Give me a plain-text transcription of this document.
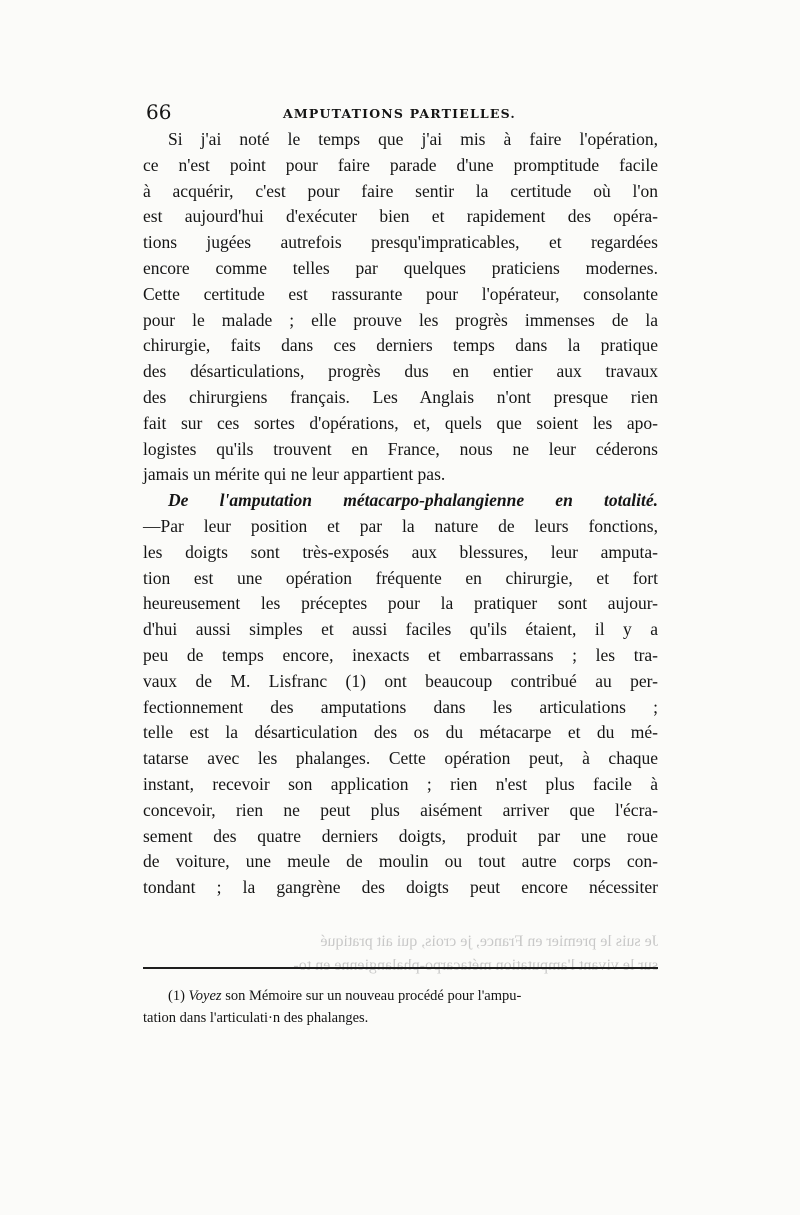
66	AMPUTATIONS PARTIELLES.
Si j'ai noté le temps que j'ai mis à faire l'opération,
ce n'est point pour faire parade d'une promptitude facile
à acquérir, c'est pour faire sentir la certitude où l'on
est aujourd'hui d'exécuter bien et rapidement des opéra-
tions jugées autrefois presqu'impraticables, et regardées
encore comme telles par quelques praticiens modernes.
Cette certitude est rassurante pour l'opérateur, consolante
pour le malade ; elle prouve les progrès immenses de la
chirurgie, faits dans ces derniers temps dans la pratique
des désarticulations, progrès dus en entier aux travaux
des chirurgiens français. Les Anglais n'ont presque rien
fait sur ces sortes d'opérations, et, quels que soient les apo-
logistes qu'ils trouvent en France, nous ne leur céderons
jamais un mérite qui ne leur appartient pas.
De l'amputation métacarpo-phalangienne en totalité.
—Par leur position et par la nature de leurs fonctions,
les doigts sont très-exposés aux blessures, leur amputa-
tion est une opération fréquente en chirurgie, et fort
heureusement les préceptes pour la pratiquer sont aujour-
d'hui aussi simples et aussi faciles qu'ils étaient, il y a
peu de temps encore, inexacts et embarrassans ; les tra-
vaux de M. Lisfranc (1) ont beaucoup contribué au per-
fectionnement des amputations dans les articulations ;
telle est la désarticulation des os du métacarpe et du mé-
tatarse avec les phalanges. Cette opération peut, à chaque
instant, recevoir son application ; rien n'est plus facile à
concevoir, rien ne peut plus aisément arriver que l'écra-
sement des quatre derniers doigts, produit par une roue
de voiture, une meule de moulin ou tout autre corps con-
tondant ; la gangrène des doigts peut encore nécessiter
Je suis le premier en France, je crois, qui ait pratiqué
sur le vivant l'amputation métacarpo-phalangienne en to-
(1) Voyez son Mémoire sur un nouveau procédé pour l'ampu-
tation dans l'articulati·n des phalanges.
